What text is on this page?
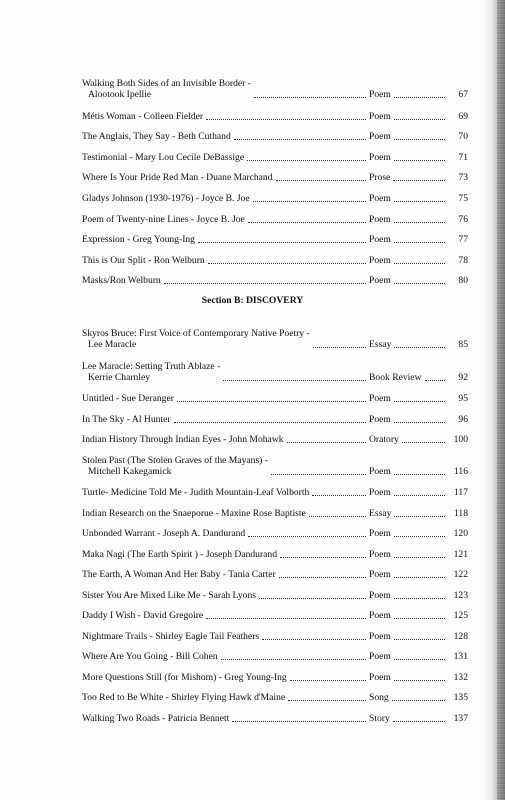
Walking Both Sides of an Invisible Border -
Alootook Ipellie	Poem	67
Métis Woman - Colleen Fielder	Poem	69
The Anglais, They Say - Beth Cuthand	Poem	70
Testimonial - Mary Lou Cecile DeBassige	Poem	71
Where Is Your Pride Red Man - Duane Marchand	Prose	73
Gladys Johnson (1930-1976) - Joyce B. Joe	Poem	75
Poem of Twenty-nine Lines - Joyce B. Joe	Poem	76
Expression - Greg Young-Ing	Poem	77
This is Our Split - Ron Welburn	Poem	78
Masks/Ron Welburn	Poem	80
Section B: DISCOVERY
Skyros Bruce: First Voice of Contemporary Native Poetry -
Lee Maracle	Essay	85
Lee Maracle: Setting Truth Ablaze -
Kerrie Charnley	Book Review	92
Untitled - Sue Deranger	Poem	95
In The Sky - Al Hunter	Poem	96
Indian History Through Indian Eyes - John Mohawk	Oratory	100
Stolen Past (The Stolen Graves of the Mayans) -
Mitchell Kakegamick	Poem	116
Turtle- Medicine Told Me - Judith Mountain-Leaf Volborth	Poem	117
Indian Research on the Snaeporue - Maxine Rose Baptiste	Essay	118
Unbonded Warrant - Joseph A. Dandurand	Poem	120
Maka Nagi (The Earth Spirit ) - Joseph Dandurand	Poem	121
The Earth, A Woman And Her Baby - Tania Carter	Poem	122
Sister You Are Mixed Like Me - Sarah Lyons	Poem	123
Daddy I Wish - David Gregoire	Poem	125
Nightmare Trails - Shirley Eagle Tail Feathers	Poem	128
Where Are You Going - Bill Cohen	Poem	131
More Questions Still (for Mishom) - Greg Young-Ing	Poem	132
Too Red to Be White - Shirley Flying Hawk d'Maine	Song	135
Walking Two Roads - Patricia Bennett	Story	137
